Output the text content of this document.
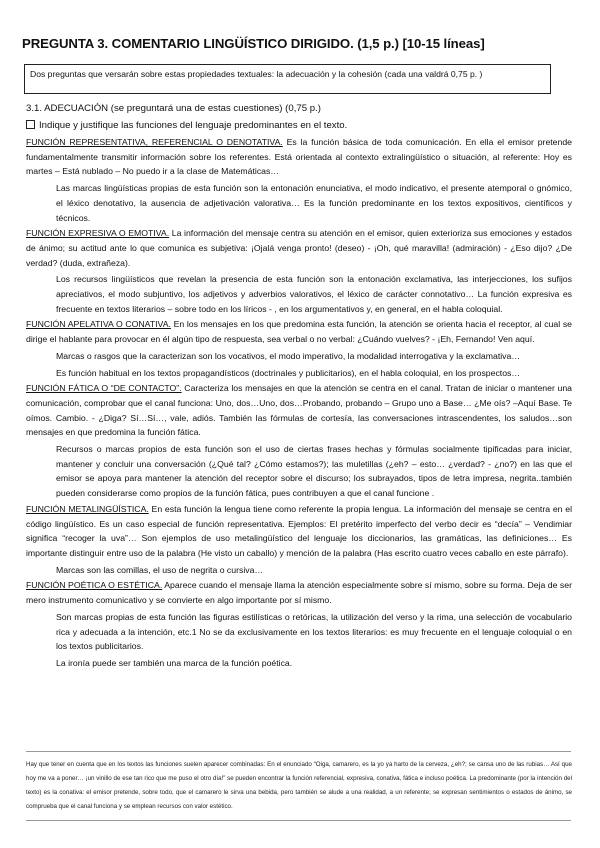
PREGUNTA 3. COMENTARIO LINGÜÍSTICO DIRIGIDO. (1,5 p.) [10-15 líneas]
Dos preguntas que versarán sobre estas propiedades textuales: la adecuación y la cohesión (cada una valdrá 0,75 p. )
3.1. ADECUACIÓN (se preguntará una de estas cuestiones) (0,75 p.)
Indique y justifique las funciones del lenguaje predominantes en el texto.

FUNCIÓN REPRESENTATIVA, REFERENCIAL O DENOTATIVA. Es la función básica de toda comunicación. En ella el emisor pretende fundamentalmente transmitir información sobre los referentes. Está orientada al contexto extralingüístico o situación, al referente: Hoy es martes – Está nublado – No puedo ir a la clase de Matemáticas…

Las marcas lingüísticas propias de esta función son la entonación enunciativa, el modo indicativo, el presente atemporal o gnómico, el léxico denotativo, la ausencia de adjetivación valorativa… Es la función predominante en los textos expositivos, científicos y técnicos.

FUNCIÓN EXPRESIVA O EMOTIVA. La información del mensaje centra su atención en el emisor, quien exterioriza sus emociones y estados de ánimo; su actitud ante lo que comunica es subjetiva: ¡Ojalá venga pronto! (deseo) - ¡Oh, qué maravilla! (admiración) - ¿Eso dijo? ¿De verdad? (duda, extrañeza).

Los recursos lingüísticos que revelan la presencia de esta función son la entonación exclamativa, las interjecciones, los sufijos apreciativos, el modo subjuntivo, los adjetivos y adverbios valorativos, el léxico de carácter connotativo… La función expresiva es frecuente en textos literarios – sobre todo en los líricos - , en los argumentativos y, en general, en el habla coloquial.

FUNCIÓN APELATIVA O CONATIVA. En los mensajes en los que predomina esta función, la atención se orienta hacia el receptor, al cual se dirige el hablante para provocar en él algún tipo de respuesta, sea verbal o no verbal: ¿Cuándo vuelves? - ¡Eh, Fernando! Ven aquí.

Marcas o rasgos que la caracterizan son los vocativos, el modo imperativo, la modalidad interrogativa y la exclamativa…

Es función habitual en los textos propagandísticos (doctrinales y publicitarios), en el habla coloquial, en los prospectos…

FUNCIÓN FÁTICA O “DE CONTACTO”. Caracteriza los mensajes en que la atención se centra en el canal. Tratan de iniciar o mantener una comunicación, comprobar que el canal funciona: Uno, dos…Uno, dos…Probando, probando – Grupo uno a Base… ¿Me oís? –Aquí Base. Te oímos. Cambio. - ¿Diga? Sí…Sí…, vale, adiós. También las fórmulas de cortesía, las conversaciones intrascendentes, los saludos…son mensajes en que predomina la función fática.

Recursos o marcas propios de esta función son el uso de ciertas frases hechas y fórmulas socialmente tipificadas para iniciar, mantener y concluir una conversación (¿Qué tal? ¿Cómo estamos?); las muletillas (¿eh? – esto… ¿verdad? - ¿no?) en las que el emisor se apoya para mantener la atención del receptor sobre el discurso; los subrayados, tipos de letra impresa, negrita..también pueden considerarse como propios de la función fática, pues contribuyen a que el canal funcione .

FUNCIÓN METALINGÜÍSTICA. En esta función la lengua tiene como referente la propia lengua. La información del mensaje se centra en el código lingüístico. Es un caso especial de función representativa. Ejemplos: El pretérito imperfecto del verbo decir es “decía” – Vendimiar significa “recoger la uva”… Son ejemplos de uso metalingüístico del lenguaje los diccionarios, las gramáticas, las definiciones… Es importante distinguir entre uso de la palabra (He visto un caballo) y mención de la palabra (Has escrito cuatro veces caballo en este párrafo).

Marcas son las comillas, el uso de negrita o cursiva…

FUNCIÓN POÉTICA O ESTÉTICA. Aparece cuando el mensaje llama la atención especialmente sobre sí mismo, sobre su forma. Deja de ser mero instrumento comunicativo y se convierte en algo importante por sí mismo.

Son marcas propias de esta función las figuras estilísticas o retóricas, la utilización del verso y la rima, una selección de vocabulario rica y adecuada a la intención, etc.1 No se da exclusivamente en los textos literarios: es muy frecuente en el lenguaje coloquial o en los textos publicitarios.

La ironía puede ser también una marca de la función poética.

Hay que tener en cuenta que en los textos las funciones suelen aparecer combinadas: En el enunciado “Oiga, camarero, es la yo ya harto de la cerveza, ¿eh?; se cansa uno de las rubias… Así que hoy me va a poner… ¡un vinillo de ese tan rico que me puso el otro día!” se pueden encontrar la función referencial, expresiva, conativa, fática e incluso poética. La predominante (por la intención del texto) es la conativa: el emisor pretende, sobre todo, que el camarero le sirva una bebida, pero también se alude a una realidad, a un referente; se expresan sentimientos o estados de ánimo, se comprueba que el canal funciona y se emplean recursos con valor estético.
